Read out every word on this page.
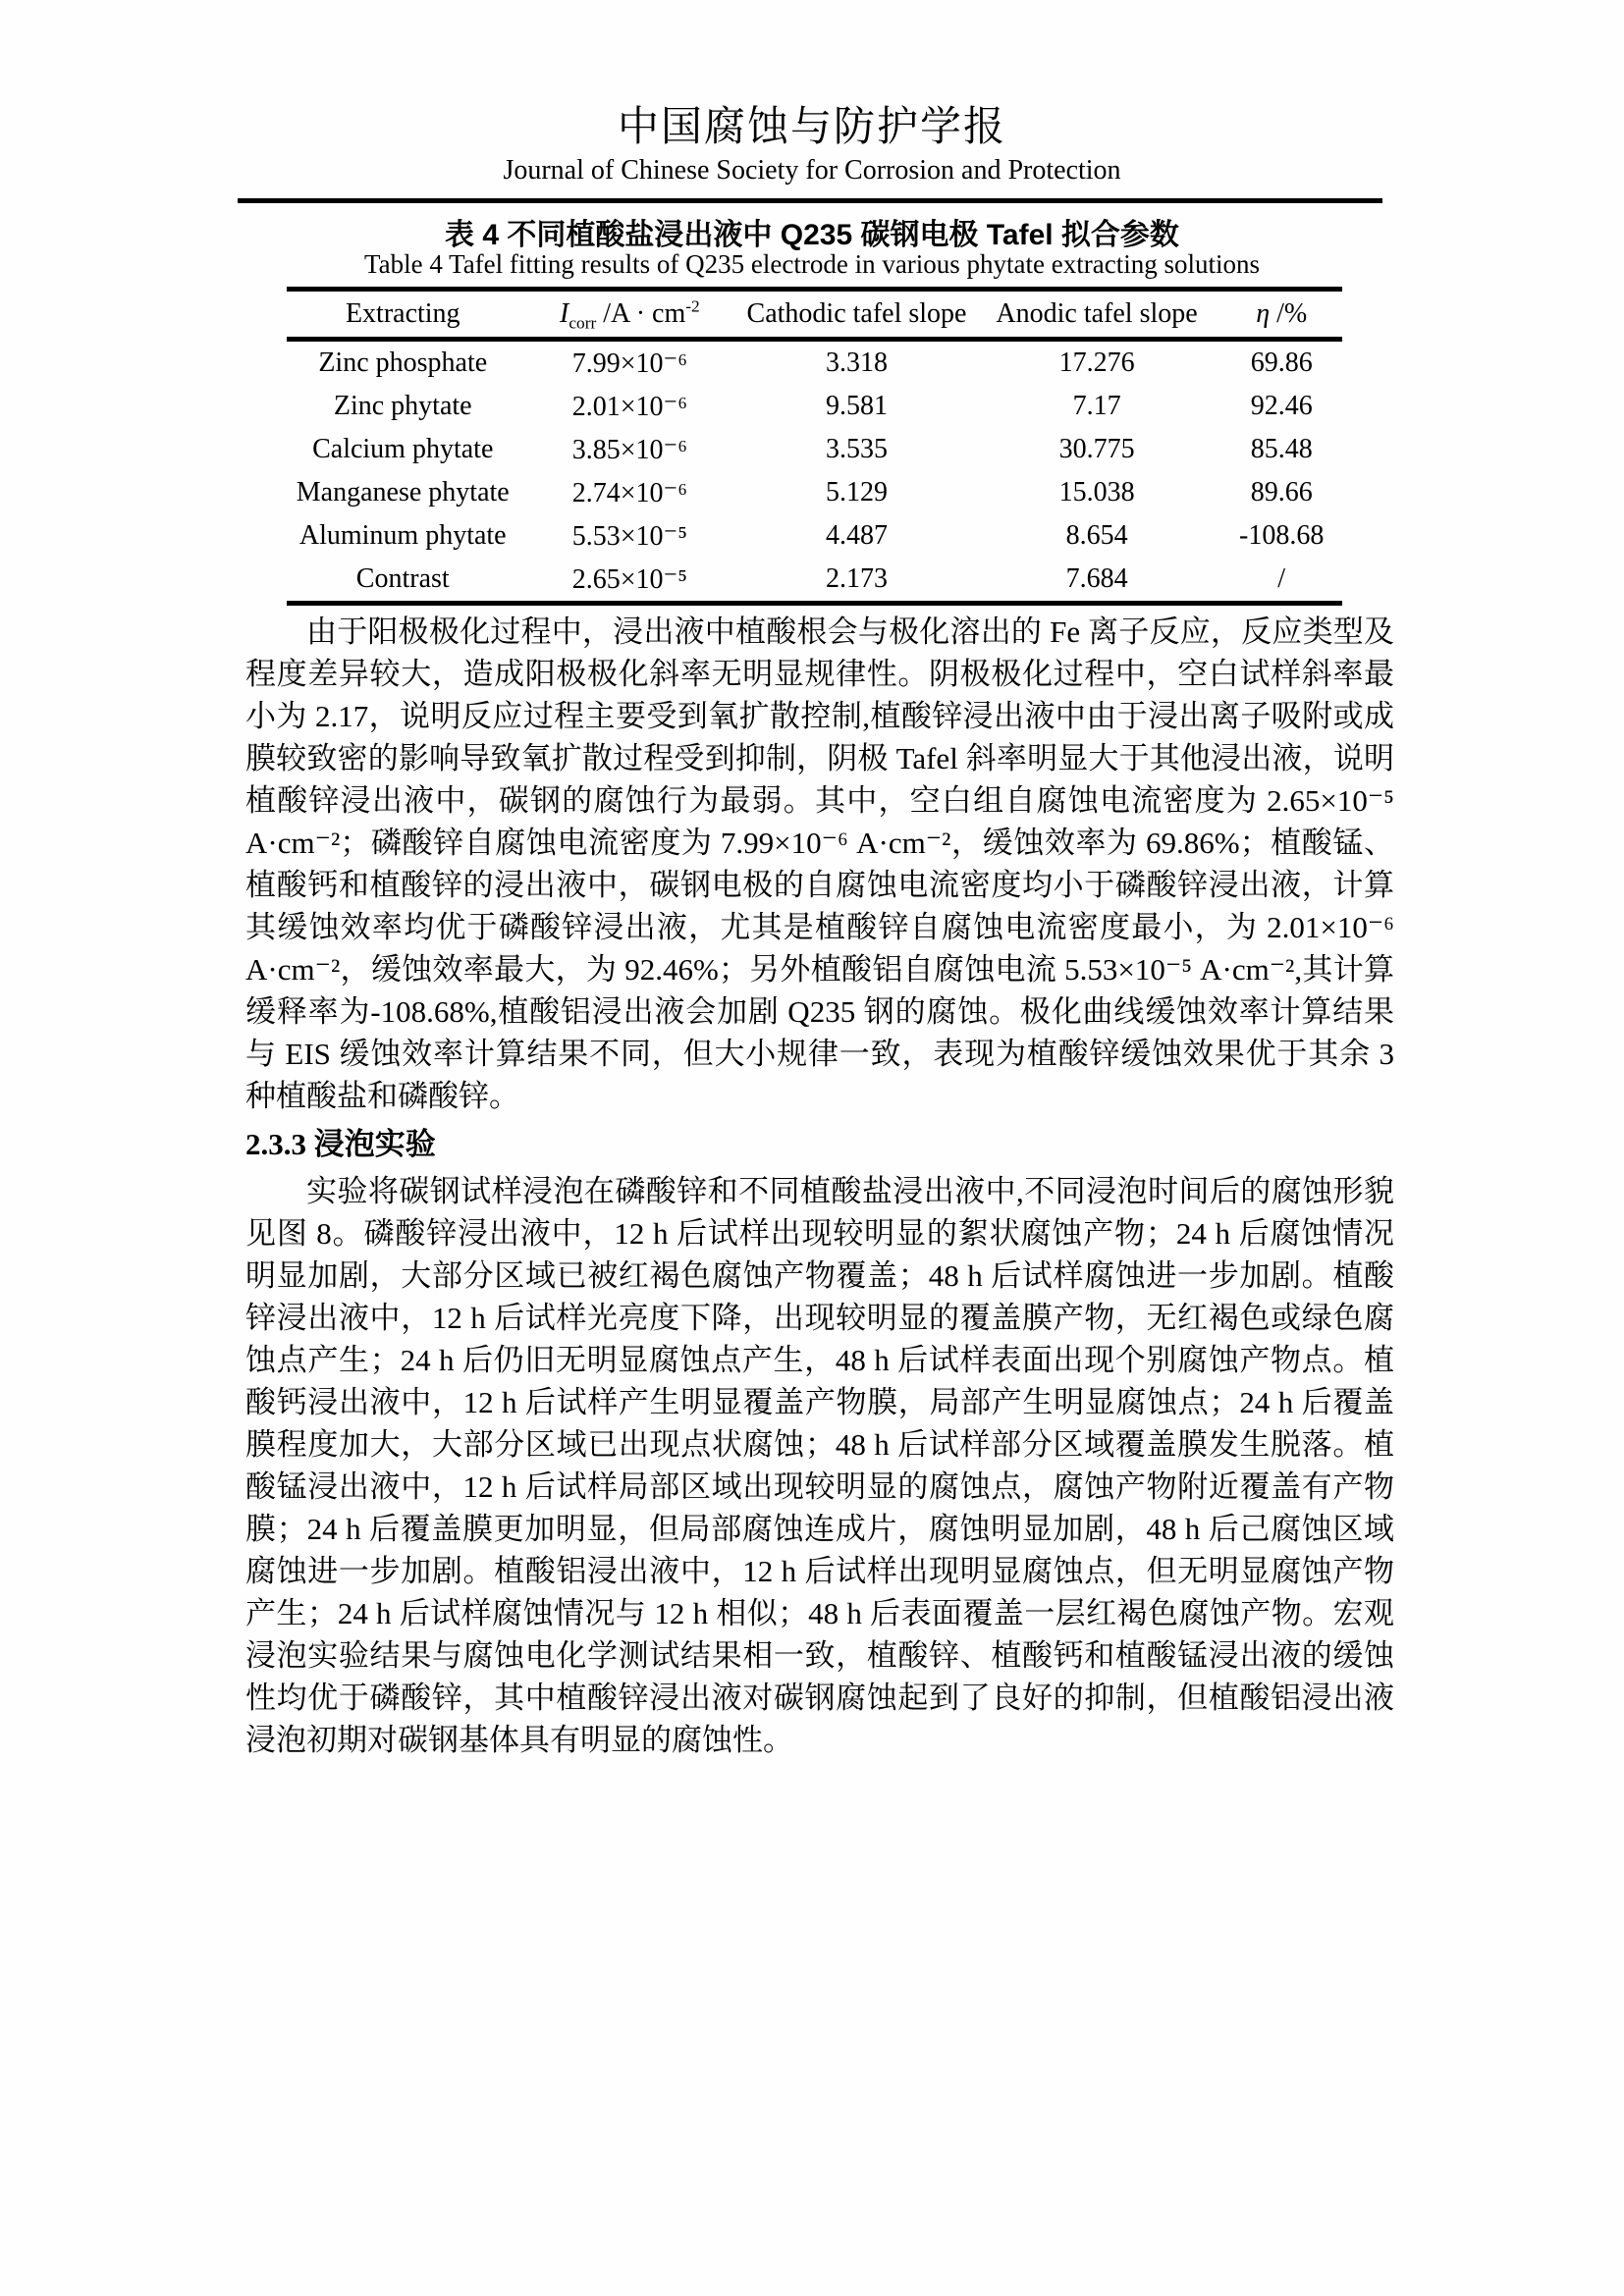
中国腐蚀与防护学报
Journal of Chinese Society for Corrosion and Protection
表 4 不同植酸盐浸出液中 Q235 碳钢电极 Tafel 拟合参数
Table 4 Tafel fitting results of Q235 electrode in various phytate extracting solutions
Extracting	$I_{corr}$ $/A \cdot cm^{-2}$	Cathodic tafel slope	Anodic tafel slope	η /%
Zinc phosphate	7.99×10⁻⁶	3.318	17.276	69.86
Zinc phytate	2.01×10⁻⁶	9.581	7.17	92.46
Calcium phytate	3.85×10⁻⁶	3.535	30.775	85.48
Manganese phytate	2.74×10⁻⁶	5.129	15.038	89.66
Aluminum phytate	5.53×10⁻⁵	4.487	8.654	-108.68
Contrast	2.65×10⁻⁵	2.173	7.684	/

由于阳极极化过程中，浸出液中植酸根会与极化溶出的 Fe 离子反应，反应类型及程度差异较大，造成阳极极化斜率无明显规律性。阴极极化过程中，空白试样斜率最小为 2.17，说明反应过程主要受到氧扩散控制,植酸锌浸出液中由于浸出离子吸附或成膜较致密的影响导致氧扩散过程受到抑制，阴极 Tafel 斜率明显大于其他浸出液，说明植酸锌浸出液中，碳钢的腐蚀行为最弱。其中，空白组自腐蚀电流密度为 2.65×10⁻⁵ A·cm⁻²；磷酸锌自腐蚀电流密度为 7.99×10⁻⁶ A·cm⁻²，缓蚀效率为 69.86%；植酸锰、植酸钙和植酸锌的浸出液中，碳钢电极的自腐蚀电流密度均小于磷酸锌浸出液，计算其缓蚀效率均优于磷酸锌浸出液，尤其是植酸锌自腐蚀电流密度最小，为 2.01×10⁻⁶ A·cm⁻²，缓蚀效率最大，为 92.46%；另外植酸铝自腐蚀电流 5.53×10⁻⁵ A·cm⁻²,其计算缓释率为-108.68%,植酸铝浸出液会加剧 Q235 钢的腐蚀。极化曲线缓蚀效率计算结果与 EIS 缓蚀效率计算结果不同，但大小规律一致，表现为植酸锌缓蚀效果优于其余 3 种植酸盐和磷酸锌。

2.3.3 浸泡实验

实验将碳钢试样浸泡在磷酸锌和不同植酸盐浸出液中,不同浸泡时间后的腐蚀形貌见图 8。磷酸锌浸出液中，12 h 后试样出现较明显的絮状腐蚀产物；24 h 后腐蚀情况明显加剧，大部分区域已被红褐色腐蚀产物覆盖；48 h 后试样腐蚀进一步加剧。植酸锌浸出液中，12 h 后试样光亮度下降，出现较明显的覆盖膜产物，无红褐色或绿色腐蚀点产生；24 h 后仍旧无明显腐蚀点产生，48 h 后试样表面出现个别腐蚀产物点。植酸钙浸出液中，12 h 后试样产生明显覆盖产物膜，局部产生明显腐蚀点；24 h 后覆盖膜程度加大，大部分区域已出现点状腐蚀；48 h 后试样部分区域覆盖膜发生脱落。植酸锰浸出液中，12 h 后试样局部区域出现较明显的腐蚀点，腐蚀产物附近覆盖有产物膜；24 h 后覆盖膜更加明显，但局部腐蚀连成片，腐蚀明显加剧，48 h 后己腐蚀区域腐蚀进一步加剧。植酸铝浸出液中，12 h 后试样出现明显腐蚀点，但无明显腐蚀产物产生；24 h 后试样腐蚀情况与 12 h 相似；48 h 后表面覆盖一层红褐色腐蚀产物。宏观浸泡实验结果与腐蚀电化学测试结果相一致，植酸锌、植酸钙和植酸锰浸出液的缓蚀性均优于磷酸锌，其中植酸锌浸出液对碳钢腐蚀起到了良好的抑制，但植酸铝浸出液浸泡初期对碳钢基体具有明显的腐蚀性。
